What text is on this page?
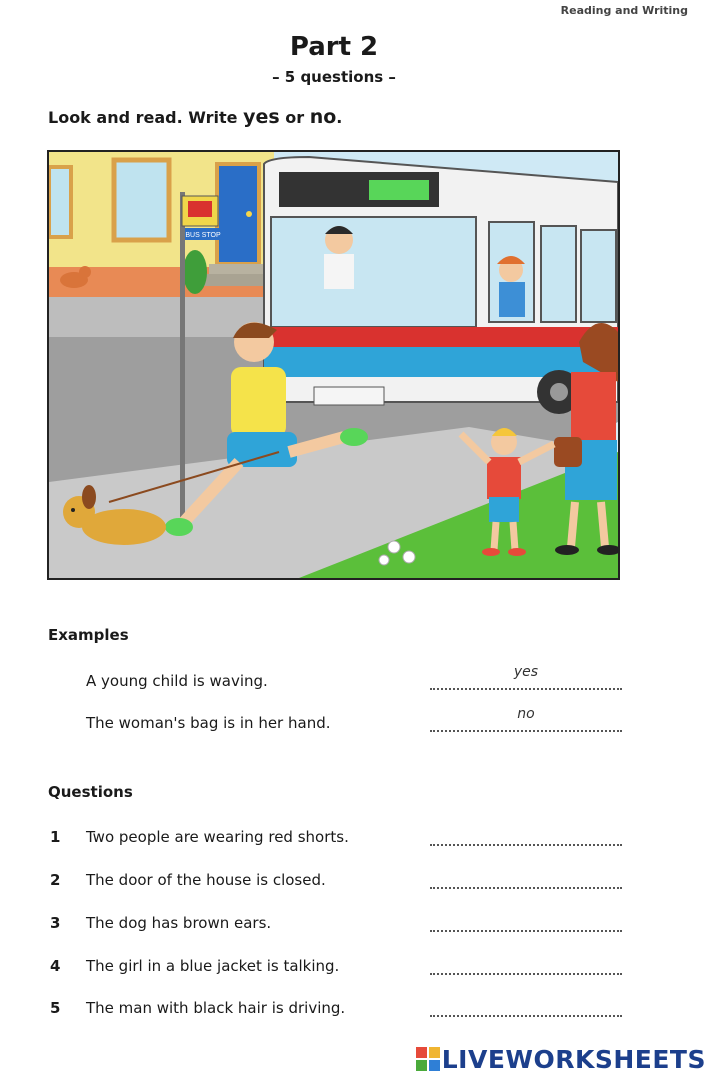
Reading and Writing
Part 2
– 5 questions –
Look and read. Write yes or no.
BUS STOP
Examples
A young child is waving.	yes
The woman's bag is in her hand.	no
Questions
1 Two people are wearing red shorts.
2 The door of the house is closed.
3 The dog has brown ears.
4 The girl in a blue jacket is talking.
5 The man with black hair is driving.
LIVEWORKSHEETS
